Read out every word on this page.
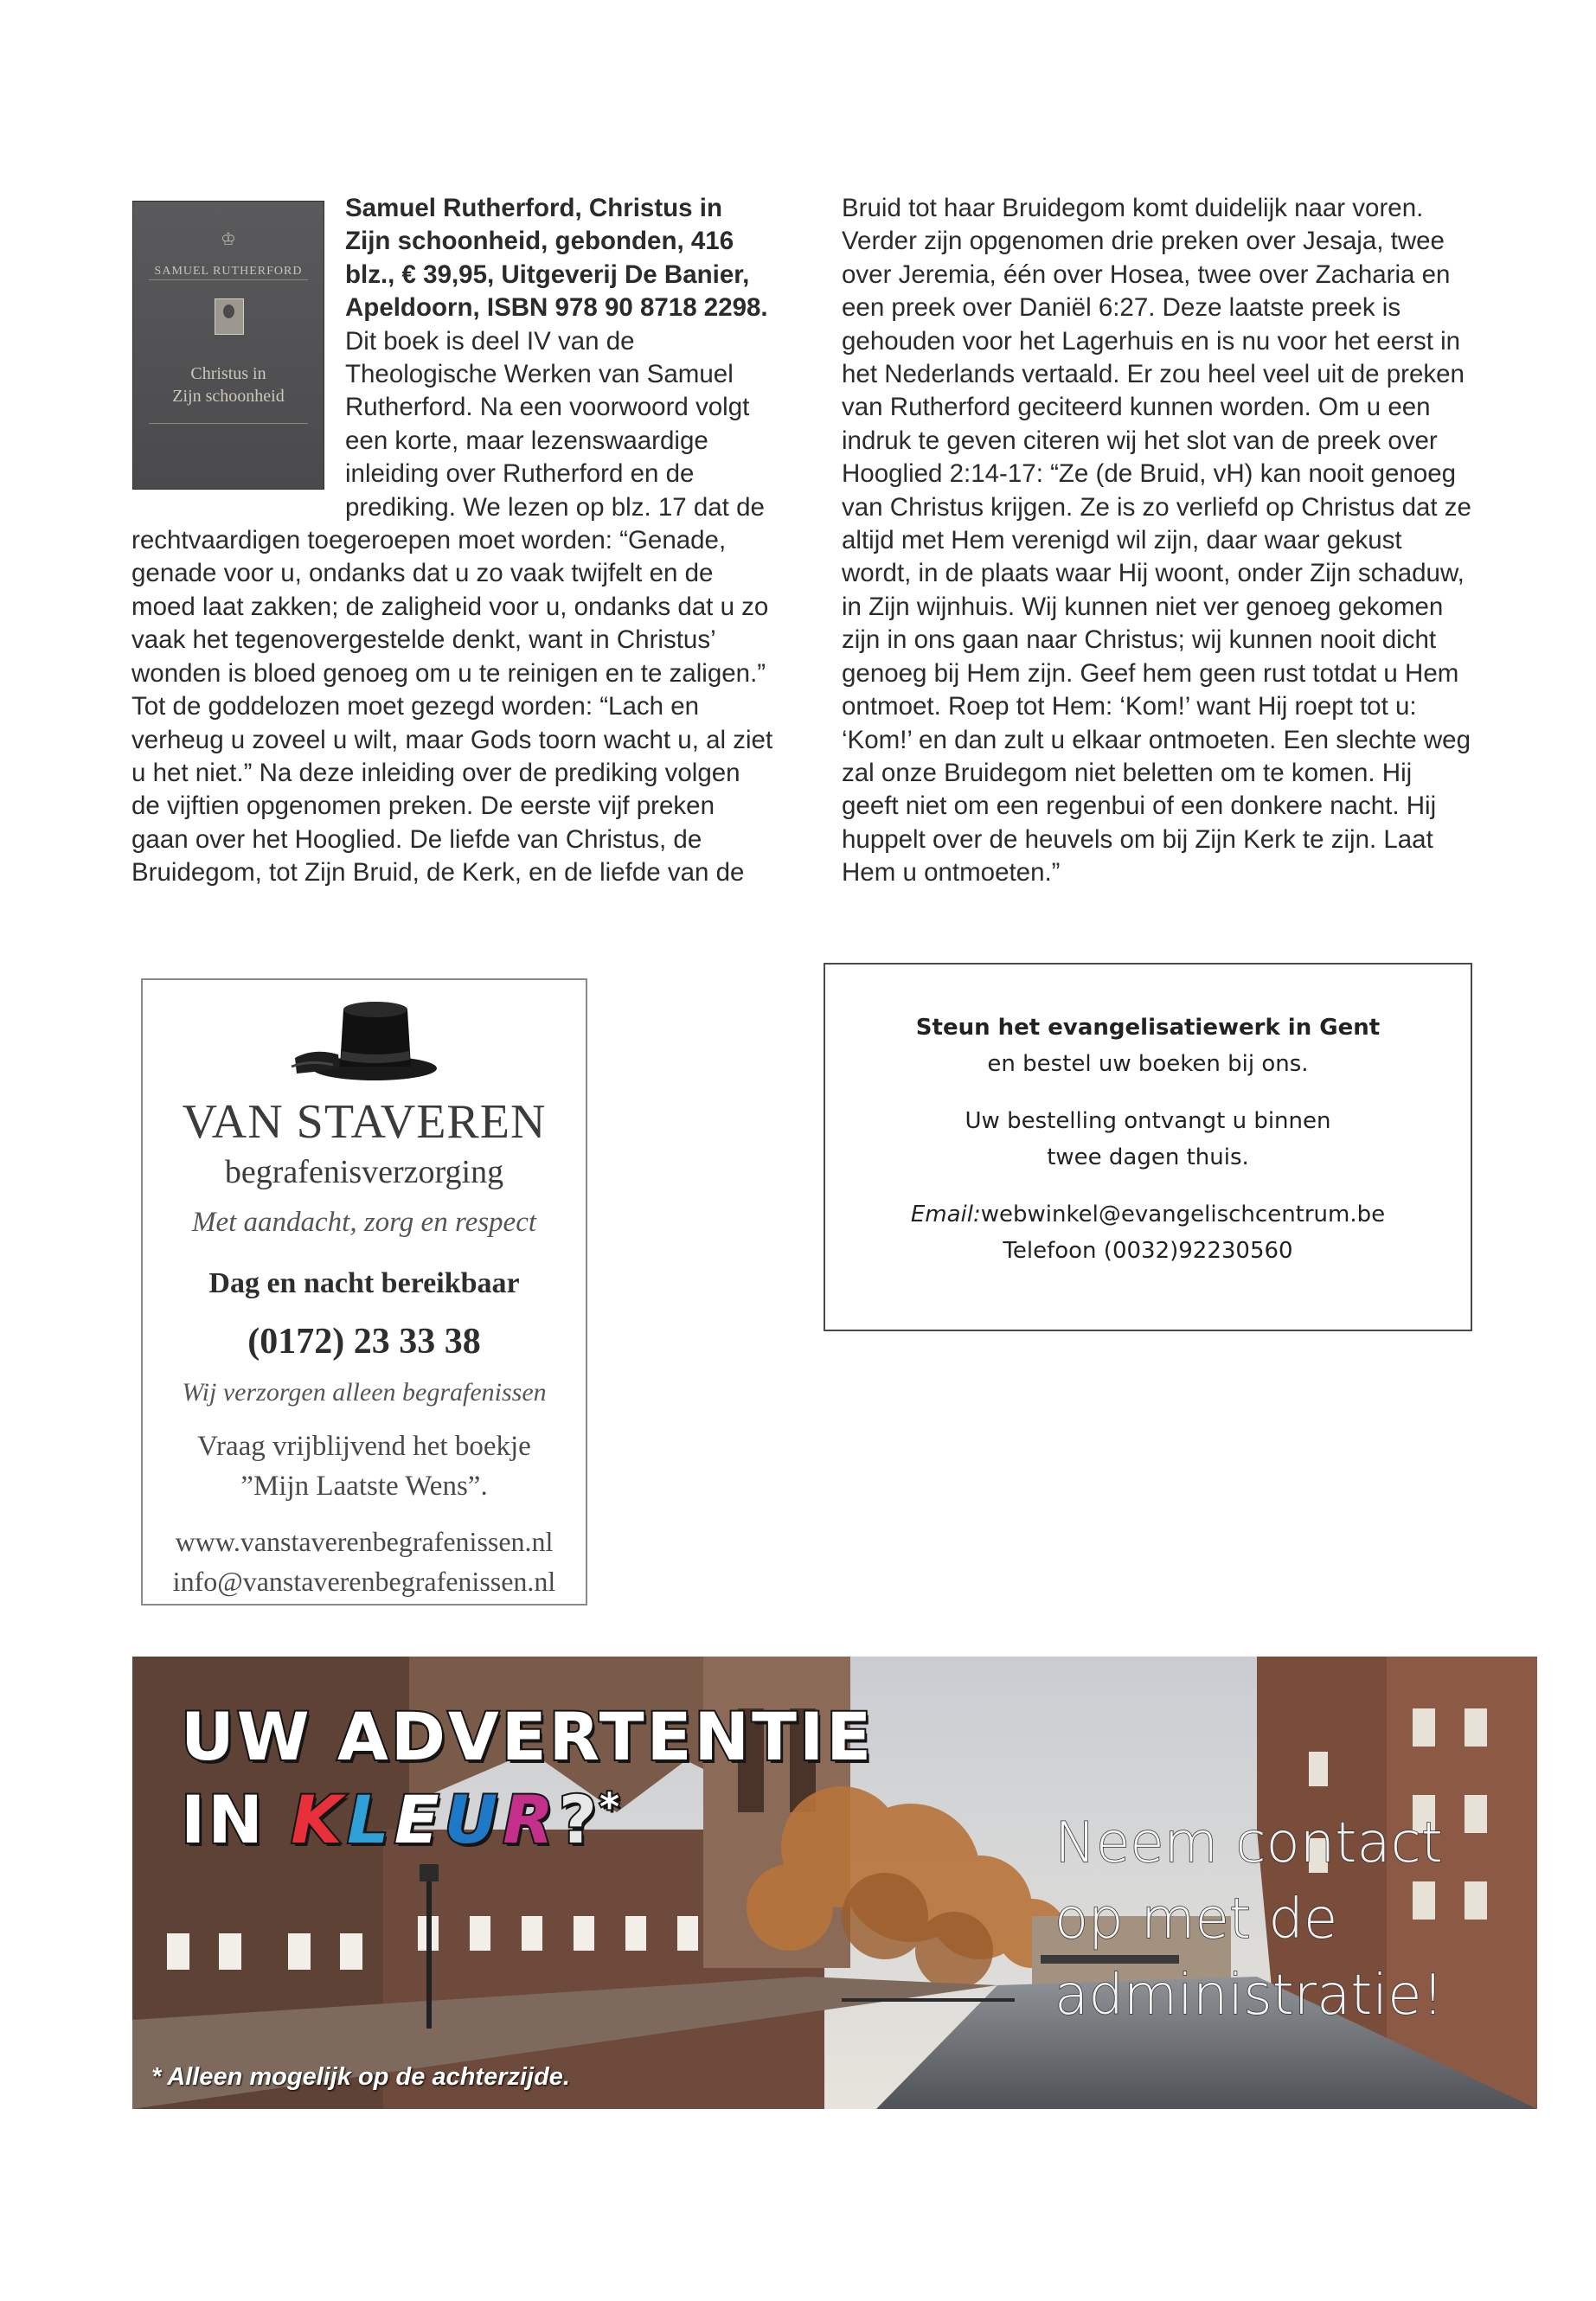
♔
SAMUEL RUTHERFORD
Christus in
Zijn schoonheid
Samuel Rutherford, Christus in Zijn schoonheid, gebonden, 416 blz., € 39,95, Uitgeverij De Banier, Apeldoorn, ISBN 978 90 8718 2298.
Dit boek is deel IV van de Theologische Werken van Samuel Rutherford. Na een voorwoord volgt een korte, maar lezenswaardige inleiding over Rutherford en de prediking. We lezen op blz. 17 dat de rechtvaardigen toegeroepen moet worden: “Genade, genade voor u, ondanks dat u zo vaak twijfelt en de moed laat zakken; de zaligheid voor u, ondanks dat u zo vaak het tegenovergestelde denkt, want in Christus’ wonden is bloed genoeg om u te reinigen en te zaligen.” Tot de goddelozen moet gezegd worden: “Lach en verheug u zoveel u wilt, maar Gods toorn wacht u, al ziet u het niet.” Na deze inleiding over de prediking volgen de vijftien opgenomen preken. De eerste vijf preken gaan over het Hooglied. De liefde van Christus, de Bruidegom, tot Zijn Bruid, de Kerk, en de liefde van de
Bruid tot haar Bruidegom komt duidelijk naar voren. Verder zijn opgenomen drie preken over Jesaja, twee over Jeremia, één over Hosea, twee over Zacharia en een preek over Daniël 6:27. Deze laatste preek is gehouden voor het Lagerhuis en is nu voor het eerst in het Nederlands vertaald. Er zou heel veel uit de preken van Rutherford geciteerd kunnen worden. Om u een indruk te geven citeren wij het slot van de preek over Hooglied 2:14-17: “Ze (de Bruid, vH) kan nooit genoeg van Christus krijgen. Ze is zo verliefd op Christus dat ze altijd met Hem verenigd wil zijn, daar waar gekust wordt, in de plaats waar Hij woont, onder Zijn schaduw, in Zijn wijnhuis. Wij kunnen niet ver genoeg gekomen zijn in ons gaan naar Christus; wij kunnen nooit dicht genoeg bij Hem zijn. Geef hem geen rust totdat u Hem ontmoet. Roep tot Hem: ‘Kom!’ want Hij roept tot u: ‘Kom!’ en dan zult u elkaar ontmoeten. Een slechte weg zal onze Bruidegom niet beletten om te komen. Hij geeft niet om een regenbui of een donkere nacht. Hij huppelt over de heuvels om bij Zijn Kerk te zijn. Laat Hem u ontmoeten.”
VAN STAVEREN
begrafenisverzorging
Met aandacht, zorg en respect
Dag en nacht bereikbaar
(0172) 23 33 38
Wij verzorgen alleen begrafenissen
Vraag vrijblijvend het boekje
”Mijn Laatste Wens”.
www.vanstaverenbegrafenissen.nl
info@vanstaverenbegrafenissen.nl
Steun het evangelisatiewerk in Gent
en bestel uw boeken bij ons.
Uw bestelling ontvangt u binnen
twee dagen thuis.
Email:webwinkel@evangelischcentrum.be
Telefoon (0032)92230560
UW ADVERTENTIE
IN KLEUR?*
Neem contact
op met de
administratie!
* Alleen mogelijk op de achterzijde.
